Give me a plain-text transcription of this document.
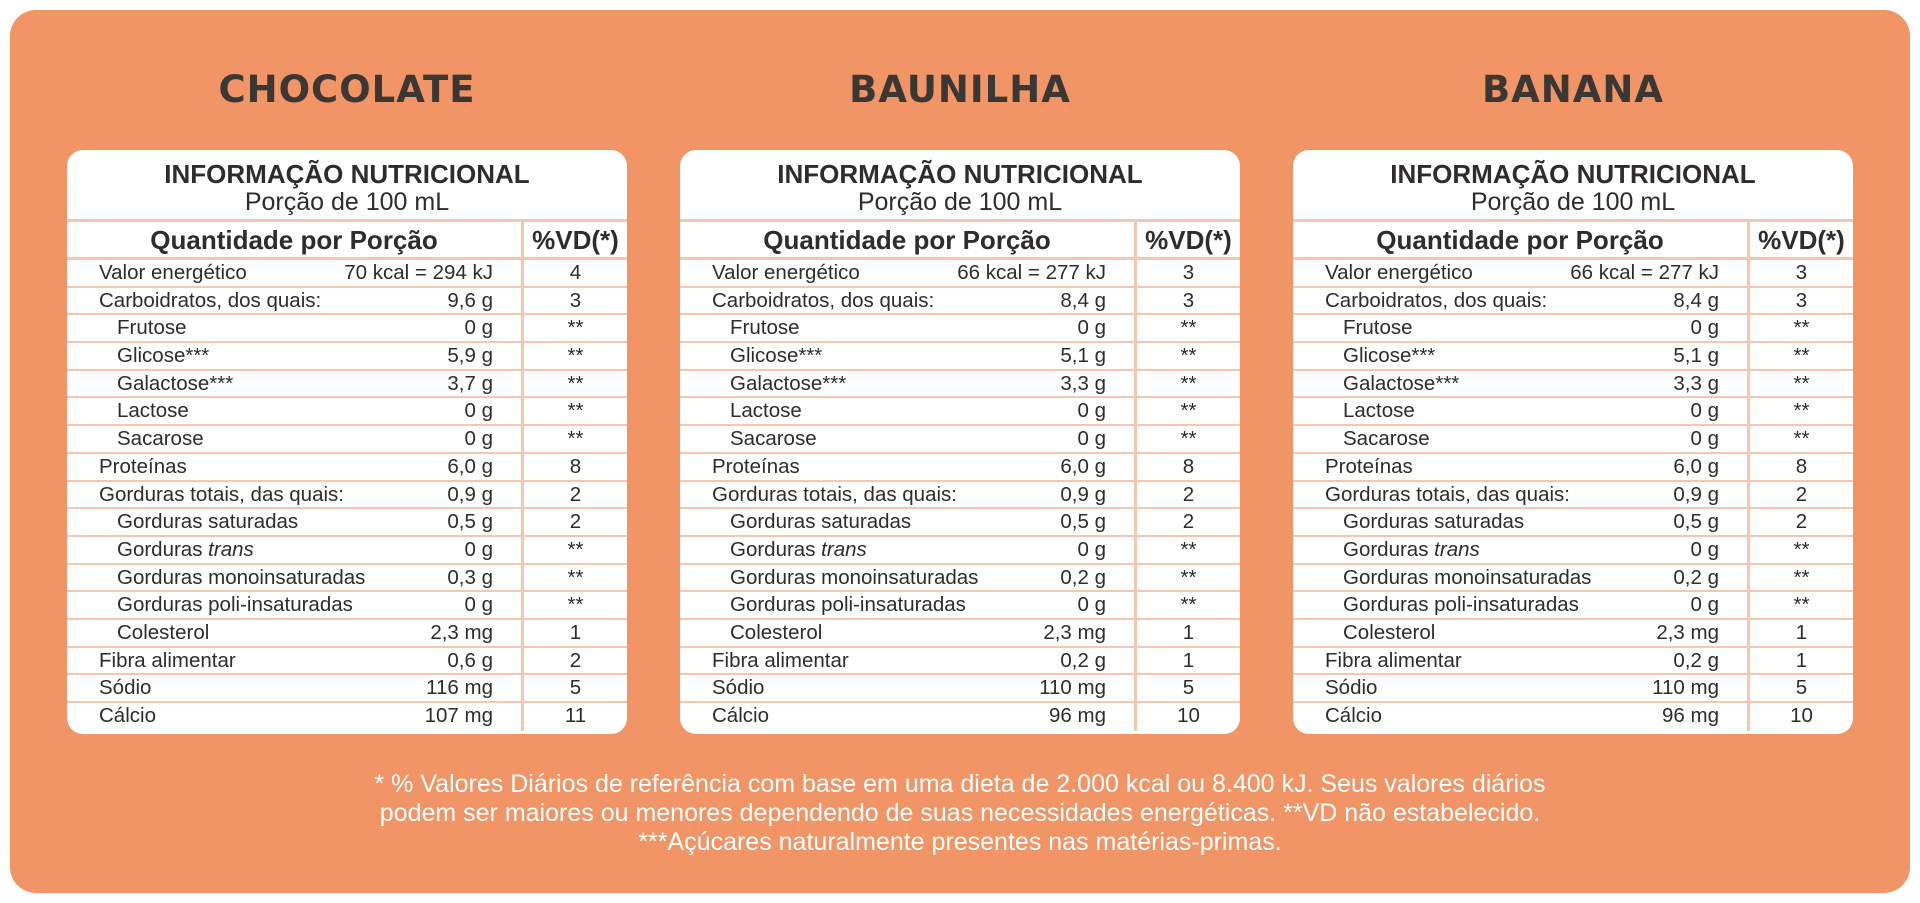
CHOCOLATE
INFORMAÇÃO NUTRICIONAL
Porção de 100 mL
Quantidade por Porção	%VD(*)
Valor energético	70 kcal = 294 kJ	4
Carboidratos, dos quais:	9,6 g	3
Frutose	0 g	**
Glicose***	5,9 g	**
Galactose***	3,7 g	**
Lactose	0 g	**
Sacarose	0 g	**
Proteínas	6,0 g	8
Gorduras totais, das quais:	0,9 g	2
Gorduras saturadas	0,5 g	2
Gorduras trans	0 g	**
Gorduras monoinsaturadas	0,3 g	**
Gorduras poli-insaturadas	0 g	**
Colesterol	2,3 mg	1
Fibra alimentar	0,6 g	2
Sódio	116 mg	5
Cálcio	107 mg	11
BAUNILHA
INFORMAÇÃO NUTRICIONAL
Porção de 100 mL
Quantidade por Porção	%VD(*)
Valor energético	66 kcal = 277 kJ	3
Carboidratos, dos quais:	8,4 g	3
Frutose	0 g	**
Glicose***	5,1 g	**
Galactose***	3,3 g	**
Lactose	0 g	**
Sacarose	0 g	**
Proteínas	6,0 g	8
Gorduras totais, das quais:	0,9 g	2
Gorduras saturadas	0,5 g	2
Gorduras trans	0 g	**
Gorduras monoinsaturadas	0,2 g	**
Gorduras poli-insaturadas	0 g	**
Colesterol	2,3 mg	1
Fibra alimentar	0,2 g	1
Sódio	110 mg	5
Cálcio	96 mg	10
BANANA
INFORMAÇÃO NUTRICIONAL
Porção de 100 mL
Quantidade por Porção	%VD(*)
Valor energético	66 kcal = 277 kJ	3
Carboidratos, dos quais:	8,4 g	3
Frutose	0 g	**
Glicose***	5,1 g	**
Galactose***	3,3 g	**
Lactose	0 g	**
Sacarose	0 g	**
Proteínas	6,0 g	8
Gorduras totais, das quais:	0,9 g	2
Gorduras saturadas	0,5 g	2
Gorduras trans	0 g	**
Gorduras monoinsaturadas	0,2 g	**
Gorduras poli-insaturadas	0 g	**
Colesterol	2,3 mg	1
Fibra alimentar	0,2 g	1
Sódio	110 mg	5
Cálcio	96 mg	10
* % Valores Diários de referência com base em uma dieta de 2.000 kcal ou 8.400 kJ. Seus valores diários
podem ser maiores ou menores dependendo de suas necessidades energéticas. **VD não estabelecido.
***Açúcares naturalmente presentes nas matérias-primas.
